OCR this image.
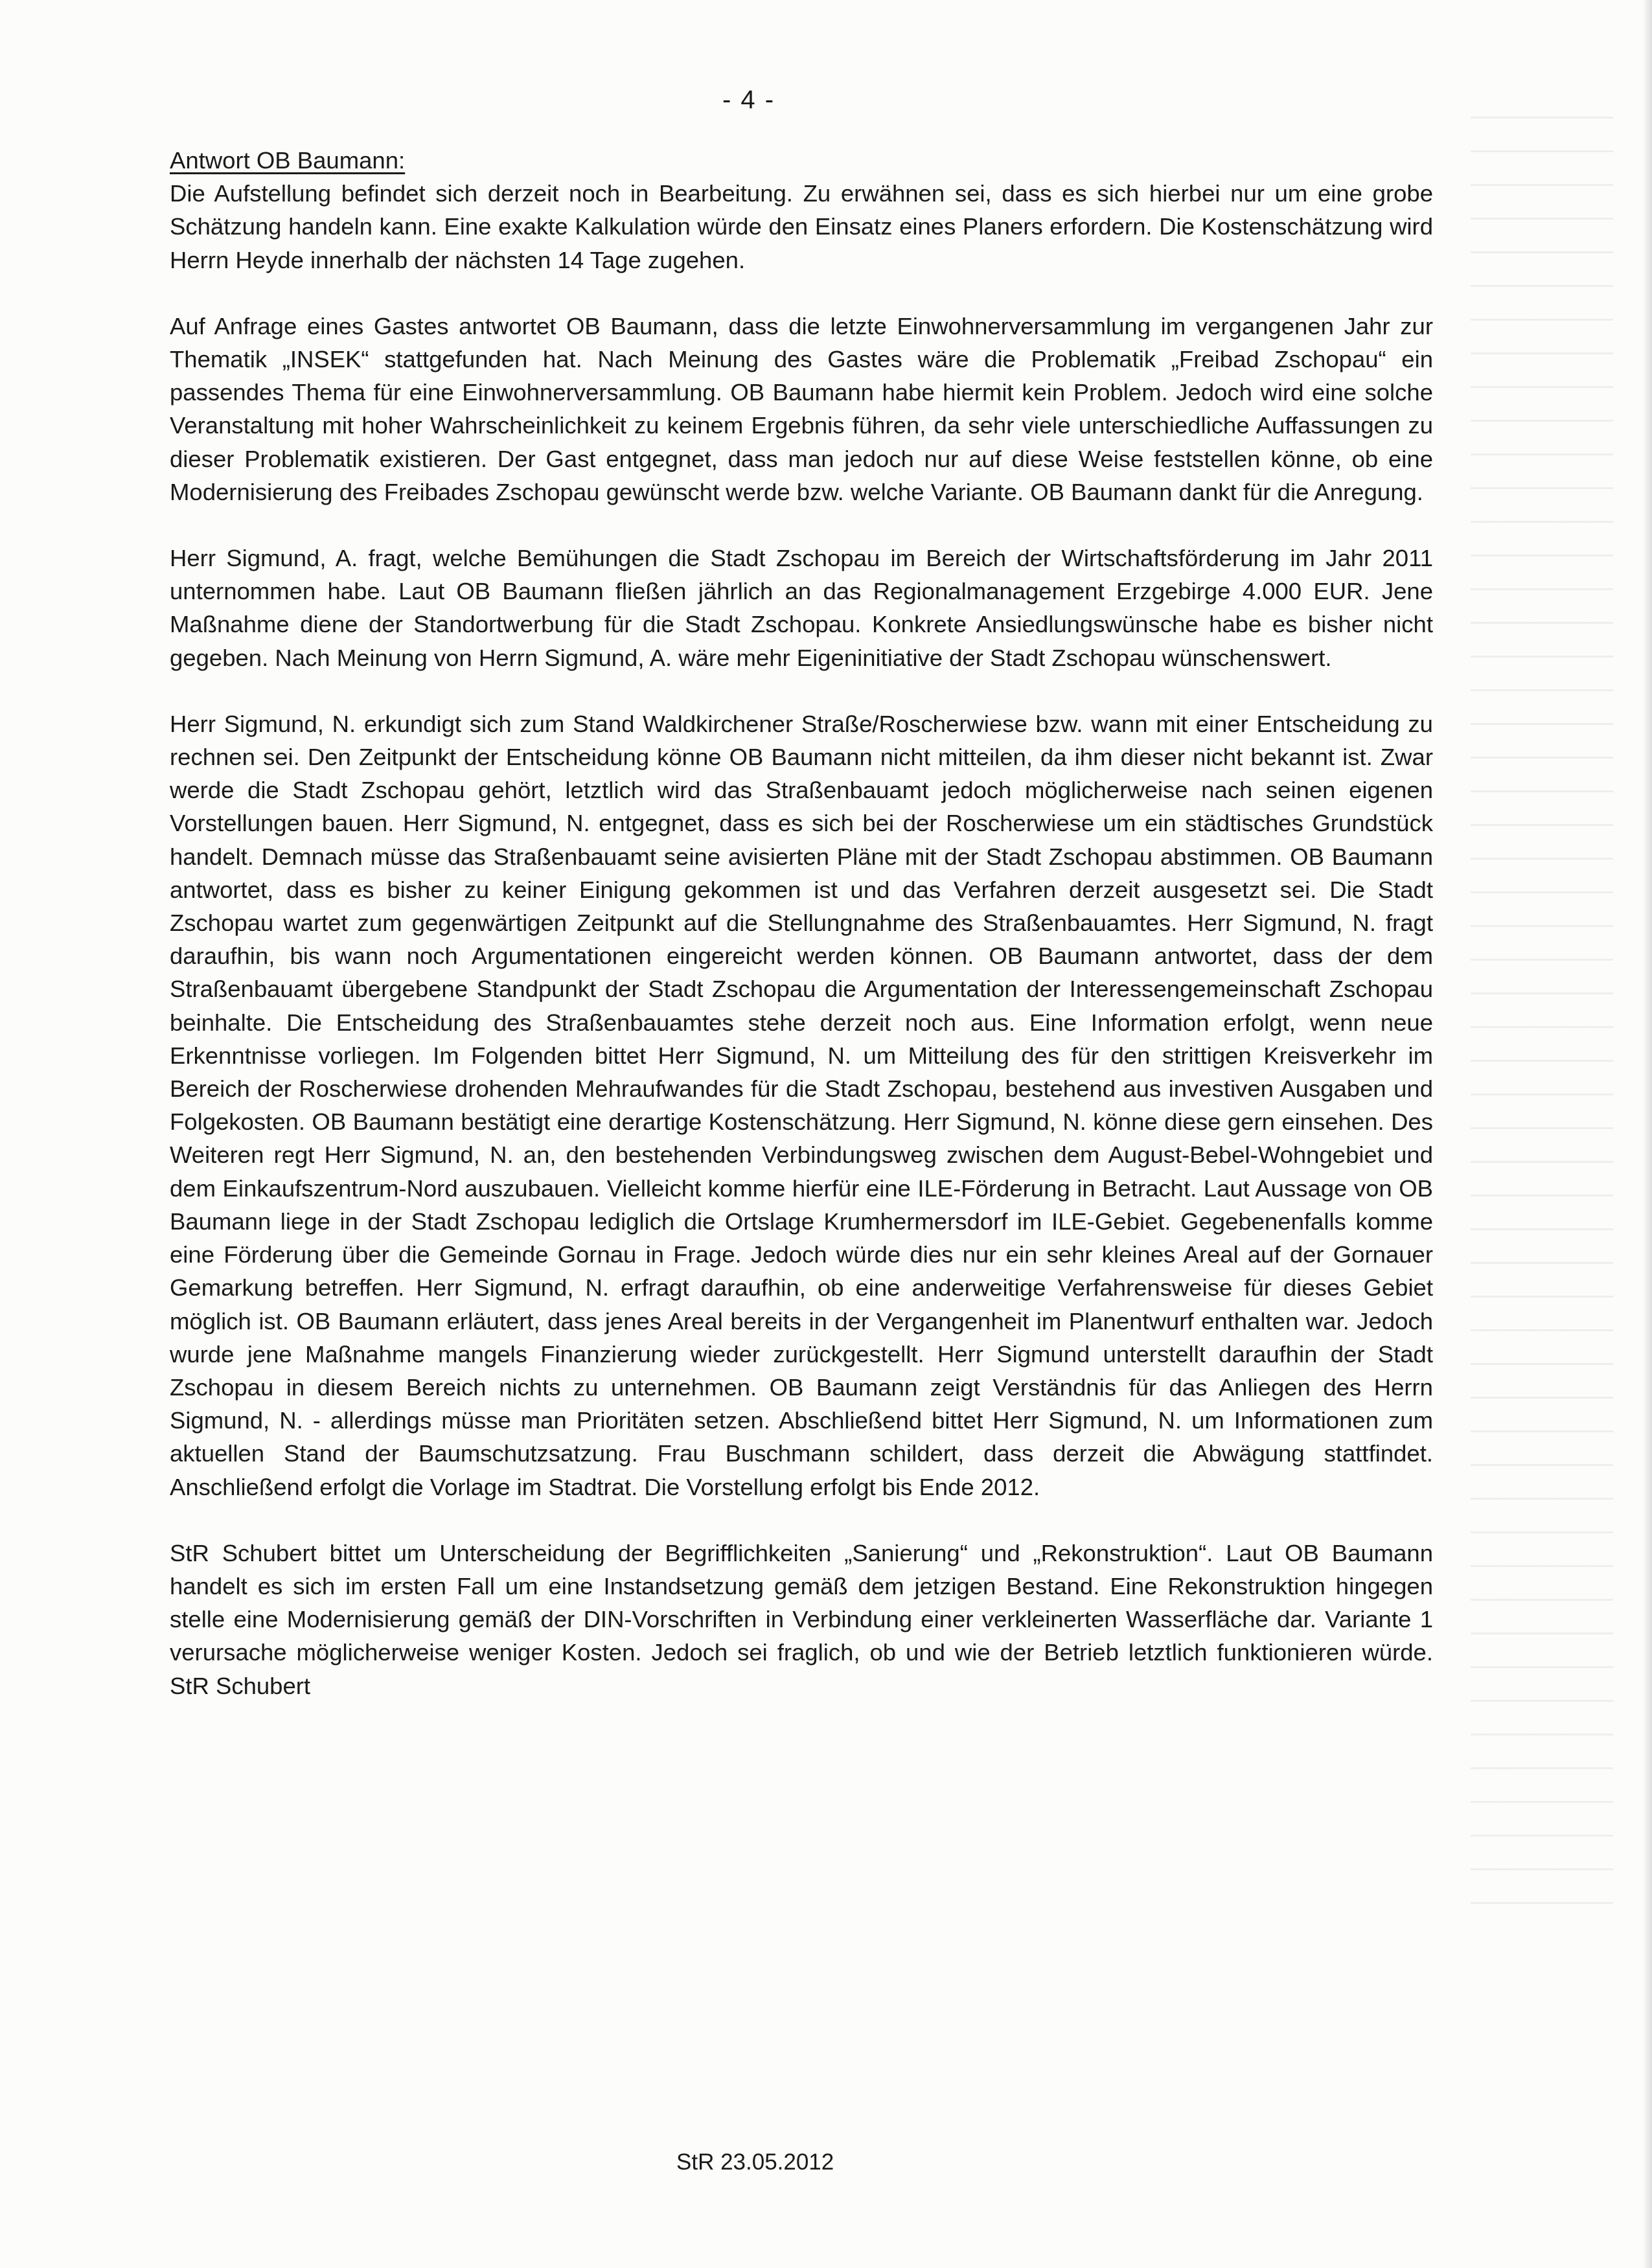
- 4 -
Antwort OB Baumann:
Die Aufstellung befindet sich derzeit noch in Bearbeitung. Zu erwähnen sei, dass es sich hierbei nur um eine grobe Schätzung handeln kann. Eine exakte Kalkulation würde den Einsatz eines Planers erfordern. Die Kostenschätzung wird Herrn Heyde innerhalb der nächsten 14 Tage zugehen.

Auf Anfrage eines Gastes antwortet OB Baumann, dass die letzte Einwohnerversammlung im vergangenen Jahr zur Thematik „INSEK“ stattgefunden hat. Nach Meinung des Gastes wäre die Problematik „Freibad Zschopau“ ein passendes Thema für eine Einwohnerversammlung. OB Baumann habe hiermit kein Problem. Jedoch wird eine solche Veranstaltung mit hoher Wahrscheinlichkeit zu keinem Ergebnis führen, da sehr viele unterschiedliche Auffassungen zu dieser Problematik existieren. Der Gast entgegnet, dass man jedoch nur auf diese Weise feststellen könne, ob eine Modernisierung des Freibades Zschopau gewünscht werde bzw. welche Variante. OB Baumann dankt für die Anregung.

Herr Sigmund, A. fragt, welche Bemühungen die Stadt Zschopau im Bereich der Wirtschaftsförderung im Jahr 2011 unternommen habe. Laut OB Baumann fließen jährlich an das Regionalmanagement Erzgebirge 4.000 EUR. Jene Maßnahme diene der Standortwerbung für die Stadt Zschopau. Konkrete Ansiedlungswünsche habe es bisher nicht gegeben. Nach Meinung von Herrn Sigmund, A. wäre mehr Eigeninitiative der Stadt Zschopau wünschenswert.

Herr Sigmund, N. erkundigt sich zum Stand Waldkirchener Straße/Roscherwiese bzw. wann mit einer Entscheidung zu rechnen sei. Den Zeitpunkt der Entscheidung könne OB Baumann nicht mitteilen, da ihm dieser nicht bekannt ist. Zwar werde die Stadt Zschopau gehört, letztlich wird das Straßenbauamt jedoch möglicherweise nach seinen eigenen Vorstellungen bauen. Herr Sigmund, N. entgegnet, dass es sich bei der Roscherwiese um ein städtisches Grundstück handelt. Demnach müsse das Straßenbauamt seine avisierten Pläne mit der Stadt Zschopau abstimmen. OB Baumann antwortet, dass es bisher zu keiner Einigung gekommen ist und das Verfahren derzeit ausgesetzt sei. Die Stadt Zschopau wartet zum gegenwärtigen Zeitpunkt auf die Stellungnahme des Straßenbauamtes. Herr Sigmund, N. fragt daraufhin, bis wann noch Argumentationen eingereicht werden können. OB Baumann antwortet, dass der dem Straßenbauamt übergebene Standpunkt der Stadt Zschopau die Argumentation der Interessengemeinschaft Zschopau beinhalte. Die Entscheidung des Straßenbauamtes stehe derzeit noch aus. Eine Information erfolgt, wenn neue Erkenntnisse vorliegen. Im Folgenden bittet Herr Sigmund, N. um Mitteilung des für den strittigen Kreisverkehr im Bereich der Roscherwiese drohenden Mehraufwandes für die Stadt Zschopau, bestehend aus investiven Ausgaben und Folgekosten. OB Baumann bestätigt eine derartige Kostenschätzung. Herr Sigmund, N. könne diese gern einsehen. Des Weiteren regt Herr Sigmund, N. an, den bestehenden Verbindungsweg zwischen dem August-Bebel-Wohngebiet und dem Einkaufszentrum-Nord auszubauen. Vielleicht komme hierfür eine ILE-Förderung in Betracht. Laut Aussage von OB Baumann liege in der Stadt Zschopau lediglich die Ortslage Krumhermersdorf im ILE-Gebiet. Gegebenenfalls komme eine Förderung über die Gemeinde Gornau in Frage. Jedoch würde dies nur ein sehr kleines Areal auf der Gornauer Gemarkung betreffen. Herr Sigmund, N. erfragt daraufhin, ob eine anderweitige Verfahrensweise für dieses Gebiet möglich ist. OB Baumann erläutert, dass jenes Areal bereits in der Vergangenheit im Planentwurf enthalten war. Jedoch wurde jene Maßnahme mangels Finanzierung wieder zurückgestellt. Herr Sigmund unterstellt daraufhin der Stadt Zschopau in diesem Bereich nichts zu unternehmen. OB Baumann zeigt Verständnis für das Anliegen des Herrn Sigmund, N. - allerdings müsse man Prioritäten setzen. Abschließend bittet Herr Sigmund, N. um Informationen zum aktuellen Stand der Baumschutzsatzung. Frau Buschmann schildert, dass derzeit die Abwägung stattfindet. Anschließend erfolgt die Vorlage im Stadtrat. Die Vorstellung erfolgt bis Ende 2012.

StR Schubert bittet um Unterscheidung der Begrifflichkeiten „Sanierung“ und „Rekonstruktion“. Laut OB Baumann handelt es sich im ersten Fall um eine Instandsetzung gemäß dem jetzigen Bestand. Eine Rekonstruktion hingegen stelle eine Modernisierung gemäß der DIN-Vorschriften in Verbindung einer verkleinerten Wasserfläche dar. Variante 1 verursache möglicherweise weniger Kosten. Jedoch sei fraglich, ob und wie der Betrieb letztlich funktionieren würde. StR Schubert

StR 23.05.2012
